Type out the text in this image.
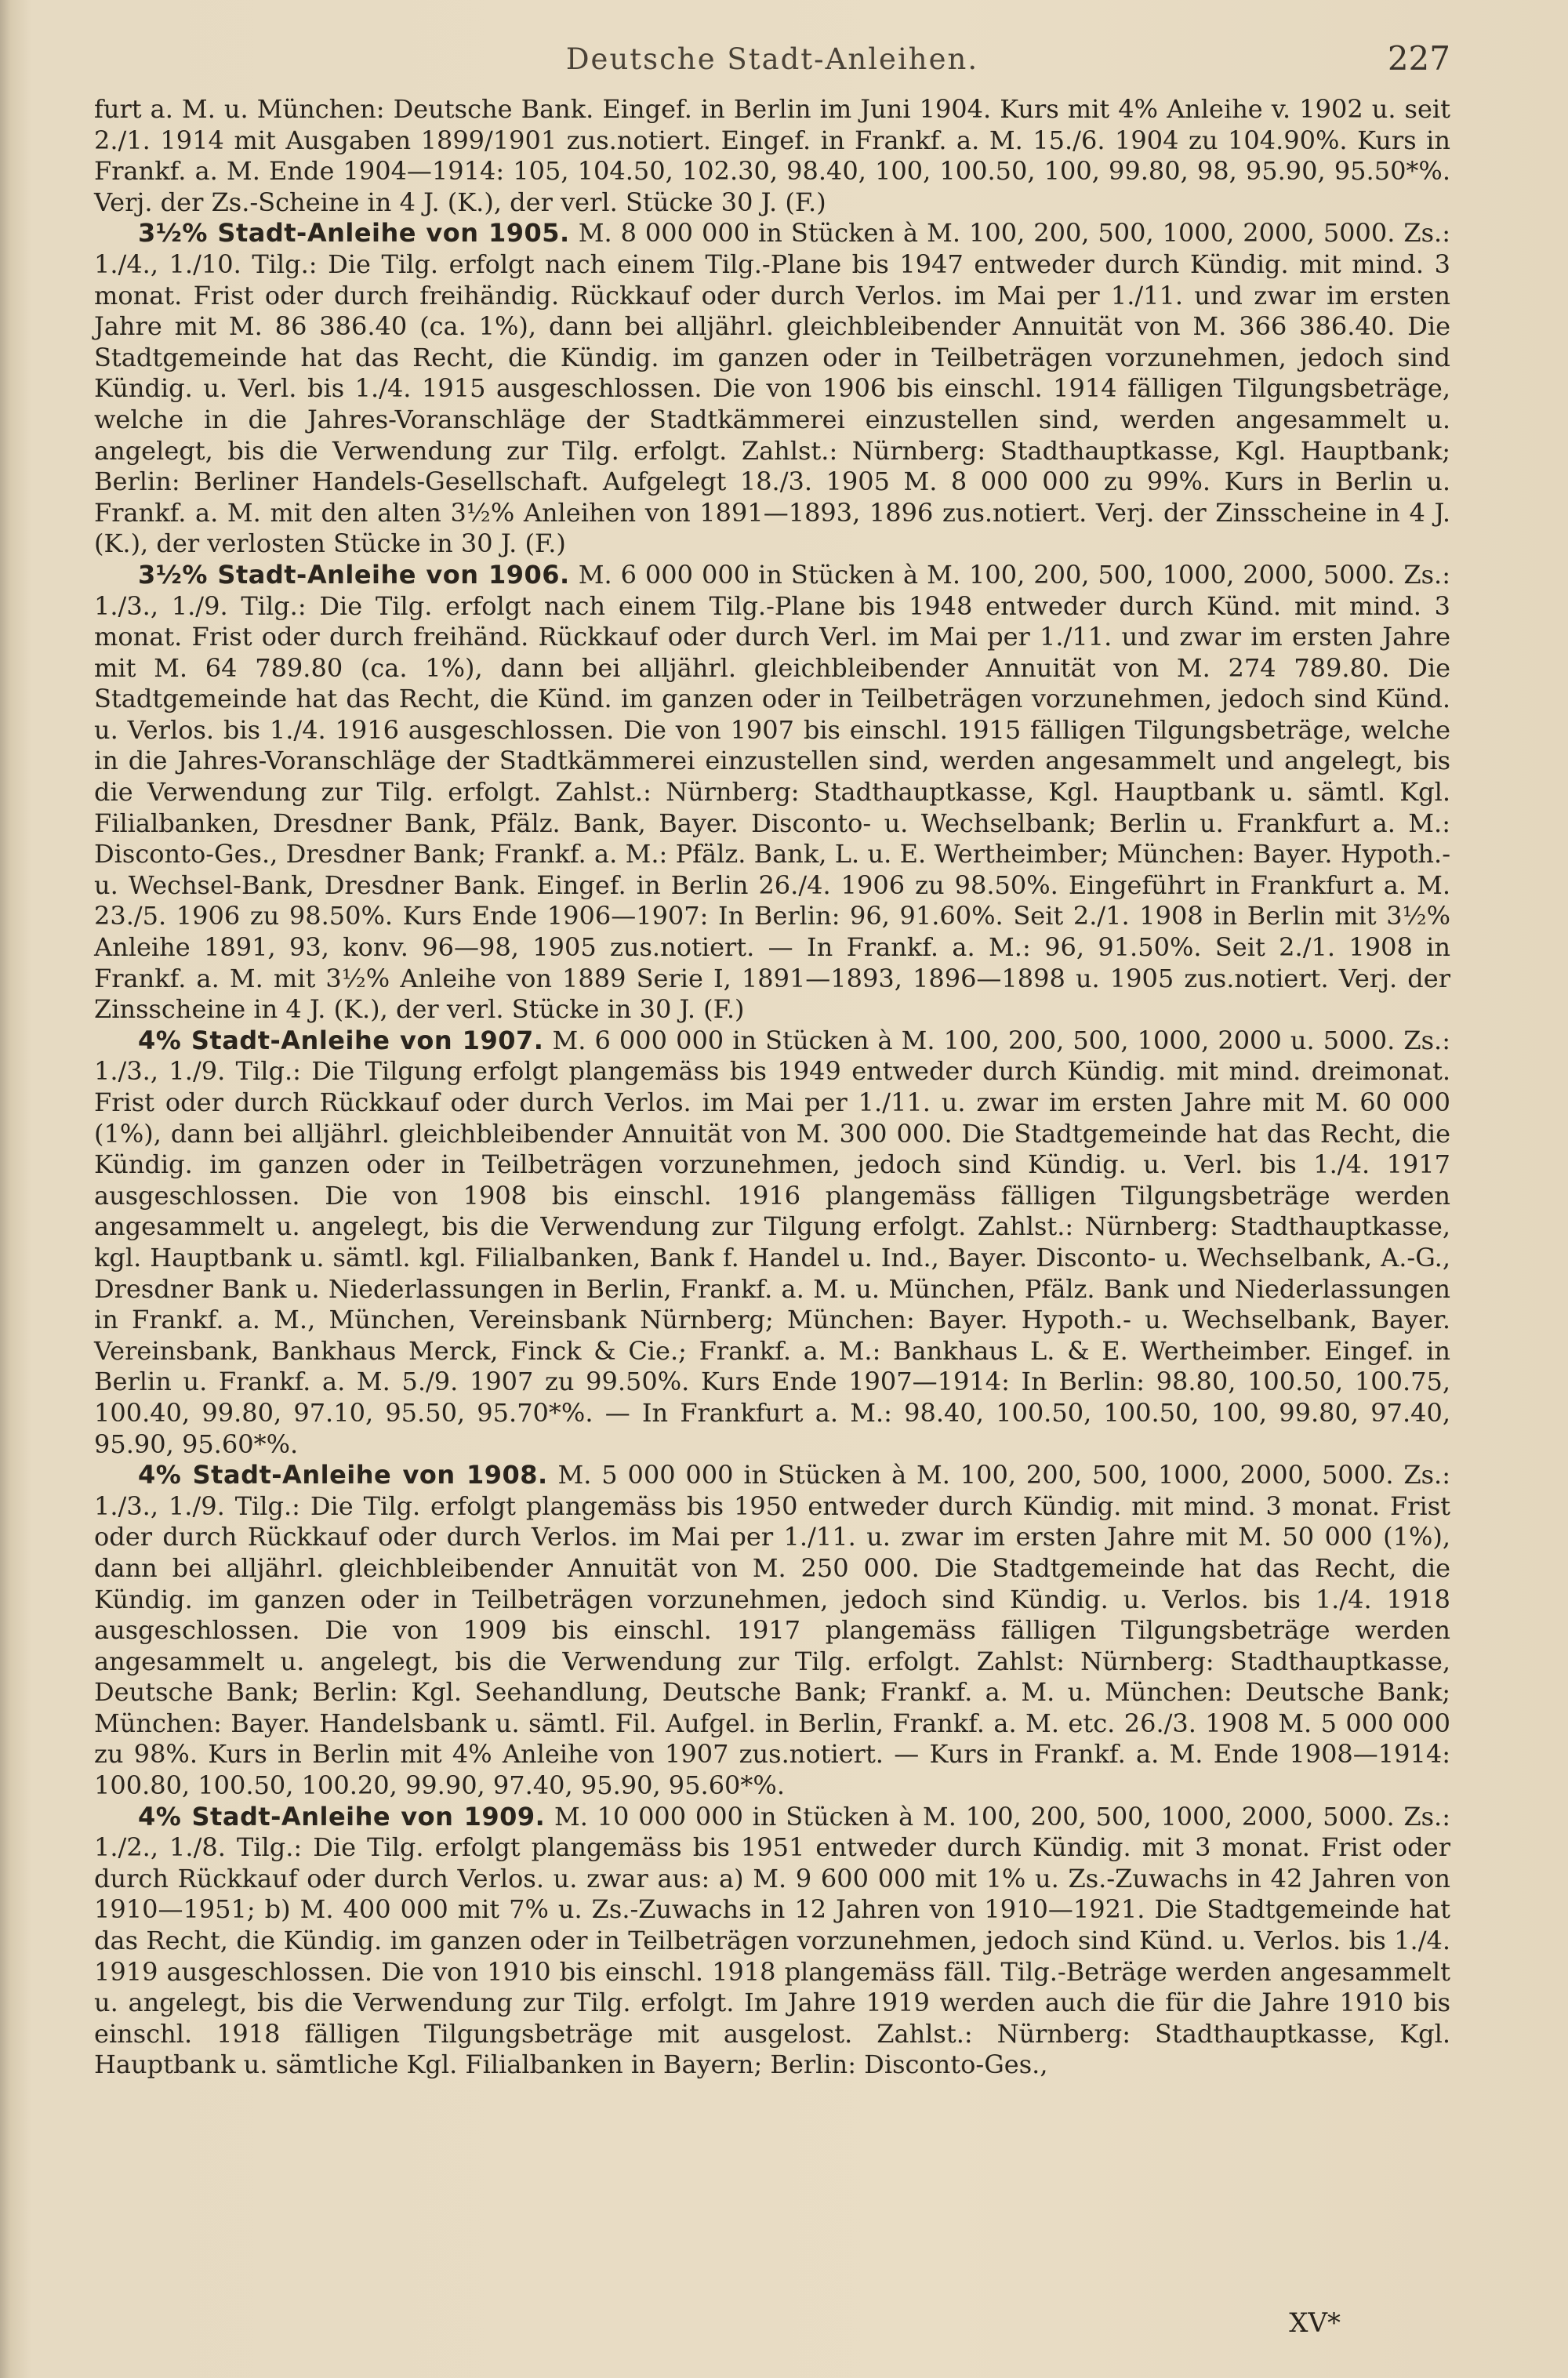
Deutsche Stadt-Anleihen.	227

furt a. M. u. München: Deutsche Bank. Eingef. in Berlin im Juni 1904. Kurs mit 4% Anleihe v. 1902 u. seit 2./1. 1914 mit Ausgaben 1899/1901 zus.notiert. Eingef. in Frankf. a. M. 15./6. 1904 zu 104.90%. Kurs in Frankf. a. M. Ende 1904—1914: 105, 104.50, 102.30, 98.40, 100, 100.50, 100, 99.80, 98, 95.90, 95.50*%. Verj. der Zs.-Scheine in 4 J. (K.), der verl. Stücke 30 J. (F.)

3½% Stadt-Anleihe von 1905. M. 8 000 000 in Stücken à M. 100, 200, 500, 1000, 2000, 5000. Zs.: 1./4., 1./10. Tilg.: Die Tilg. erfolgt nach einem Tilg.-Plane bis 1947 entweder durch Kündig. mit mind. 3 monat. Frist oder durch freihändig. Rückkauf oder durch Verlos. im Mai per 1./11. und zwar im ersten Jahre mit M. 86 386.40 (ca. 1%), dann bei alljährl. gleichbleibender Annuität von M. 366 386.40. Die Stadtgemeinde hat das Recht, die Kündig. im ganzen oder in Teilbeträgen vorzunehmen, jedoch sind Kündig. u. Verl. bis 1./4. 1915 ausgeschlossen. Die von 1906 bis einschl. 1914 fälligen Tilgungsbeträge, welche in die Jahres-Voranschläge der Stadtkämmerei einzustellen sind, werden angesammelt u. angelegt, bis die Verwendung zur Tilg. erfolgt. Zahlst.: Nürnberg: Stadthauptkasse, Kgl. Hauptbank; Berlin: Berliner Handels-Gesellschaft. Aufgelegt 18./3. 1905 M. 8 000 000 zu 99%. Kurs in Berlin u. Frankf. a. M. mit den alten 3½% Anleihen von 1891—1893, 1896 zus.notiert. Verj. der Zinsscheine in 4 J. (K.), der verlosten Stücke in 30 J. (F.)

3½% Stadt-Anleihe von 1906. M. 6 000 000 in Stücken à M. 100, 200, 500, 1000, 2000, 5000. Zs.: 1./3., 1./9. Tilg.: Die Tilg. erfolgt nach einem Tilg.-Plane bis 1948 entweder durch Künd. mit mind. 3 monat. Frist oder durch freihänd. Rückkauf oder durch Verl. im Mai per 1./11. und zwar im ersten Jahre mit M. 64 789.80 (ca. 1%), dann bei alljährl. gleichbleibender Annuität von M. 274 789.80. Die Stadtgemeinde hat das Recht, die Künd. im ganzen oder in Teilbeträgen vorzunehmen, jedoch sind Künd. u. Verlos. bis 1./4. 1916 ausgeschlossen. Die von 1907 bis einschl. 1915 fälligen Tilgungsbeträge, welche in die Jahres-Voranschläge der Stadtkämmerei einzustellen sind, werden angesammelt und angelegt, bis die Verwendung zur Tilg. erfolgt. Zahlst.: Nürnberg: Stadthauptkasse, Kgl. Hauptbank u. sämtl. Kgl. Filialbanken, Dresdner Bank, Pfälz. Bank, Bayer. Disconto- u. Wechselbank; Berlin u. Frankfurt a. M.: Disconto-Ges., Dresdner Bank; Frankf. a. M.: Pfälz. Bank, L. u. E. Wertheimber; München: Bayer. Hypoth.- u. Wechsel-Bank, Dresdner Bank. Eingef. in Berlin 26./4. 1906 zu 98.50%. Eingeführt in Frankfurt a. M. 23./5. 1906 zu 98.50%. Kurs Ende 1906—1907: In Berlin: 96, 91.60%. Seit 2./1. 1908 in Berlin mit 3½% Anleihe 1891, 93, konv. 96—98, 1905 zus.notiert. — In Frankf. a. M.: 96, 91.50%. Seit 2./1. 1908 in Frankf. a. M. mit 3½% Anleihe von 1889 Serie I, 1891—1893, 1896—1898 u. 1905 zus.notiert. Verj. der Zinsscheine in 4 J. (K.), der verl. Stücke in 30 J. (F.)

4% Stadt-Anleihe von 1907. M. 6 000 000 in Stücken à M. 100, 200, 500, 1000, 2000 u. 5000. Zs.: 1./3., 1./9. Tilg.: Die Tilgung erfolgt plangemäss bis 1949 entweder durch Kündig. mit mind. dreimonat. Frist oder durch Rückkauf oder durch Verlos. im Mai per 1./11. u. zwar im ersten Jahre mit M. 60 000 (1%), dann bei alljährl. gleichbleibender Annuität von M. 300 000. Die Stadtgemeinde hat das Recht, die Kündig. im ganzen oder in Teilbeträgen vorzunehmen, jedoch sind Kündig. u. Verl. bis 1./4. 1917 ausgeschlossen. Die von 1908 bis einschl. 1916 plangemäss fälligen Tilgungsbeträge werden angesammelt u. angelegt, bis die Verwendung zur Tilgung erfolgt. Zahlst.: Nürnberg: Stadthauptkasse, kgl. Hauptbank u. sämtl. kgl. Filialbanken, Bank f. Handel u. Ind., Bayer. Disconto- u. Wechselbank, A.-G., Dresdner Bank u. Niederlassungen in Berlin, Frankf. a. M. u. München, Pfälz. Bank und Niederlassungen in Frankf. a. M., München, Vereinsbank Nürnberg; München: Bayer. Hypoth.- u. Wechselbank, Bayer. Vereinsbank, Bankhaus Merck, Finck & Cie.; Frankf. a. M.: Bankhaus L. & E. Wertheimber. Eingef. in Berlin u. Frankf. a. M. 5./9. 1907 zu 99.50%. Kurs Ende 1907—1914: In Berlin: 98.80, 100.50, 100.75, 100.40, 99.80, 97.10, 95.50, 95.70*%. — In Frankfurt a. M.: 98.40, 100.50, 100.50, 100, 99.80, 97.40, 95.90, 95.60*%.

4% Stadt-Anleihe von 1908. M. 5 000 000 in Stücken à M. 100, 200, 500, 1000, 2000, 5000. Zs.: 1./3., 1./9. Tilg.: Die Tilg. erfolgt plangemäss bis 1950 entweder durch Kündig. mit mind. 3 monat. Frist oder durch Rückkauf oder durch Verlos. im Mai per 1./11. u. zwar im ersten Jahre mit M. 50 000 (1%), dann bei alljährl. gleichbleibender Annuität von M. 250 000. Die Stadtgemeinde hat das Recht, die Kündig. im ganzen oder in Teilbeträgen vorzunehmen, jedoch sind Kündig. u. Verlos. bis 1./4. 1918 ausgeschlossen. Die von 1909 bis einschl. 1917 plangemäss fälligen Tilgungsbeträge werden angesammelt u. angelegt, bis die Verwendung zur Tilg. erfolgt. Zahlst: Nürnberg: Stadthauptkasse, Deutsche Bank; Berlin: Kgl. Seehandlung, Deutsche Bank; Frankf. a. M. u. München: Deutsche Bank; München: Bayer. Handelsbank u. sämtl. Fil. Aufgel. in Berlin, Frankf. a. M. etc. 26./3. 1908 M. 5 000 000 zu 98%. Kurs in Berlin mit 4% Anleihe von 1907 zus.notiert. — Kurs in Frankf. a. M. Ende 1908—1914: 100.80, 100.50, 100.20, 99.90, 97.40, 95.90, 95.60*%.

4% Stadt-Anleihe von 1909. M. 10 000 000 in Stücken à M. 100, 200, 500, 1000, 2000, 5000. Zs.: 1./2., 1./8. Tilg.: Die Tilg. erfolgt plangemäss bis 1951 entweder durch Kündig. mit 3 monat. Frist oder durch Rückkauf oder durch Verlos. u. zwar aus: a) M. 9 600 000 mit 1% u. Zs.-Zuwachs in 42 Jahren von 1910—1951; b) M. 400 000 mit 7% u. Zs.-Zuwachs in 12 Jahren von 1910—1921. Die Stadtgemeinde hat das Recht, die Kündig. im ganzen oder in Teilbeträgen vorzunehmen, jedoch sind Künd. u. Verlos. bis 1./4. 1919 ausgeschlossen. Die von 1910 bis einschl. 1918 plangemäss fäll. Tilg.-Beträge werden angesammelt u. angelegt, bis die Verwendung zur Tilg. erfolgt. Im Jahre 1919 werden auch die für die Jahre 1910 bis einschl. 1918 fälligen Tilgungsbeträge mit ausgelost. Zahlst.: Nürnberg: Stadthauptkasse, Kgl. Hauptbank u. sämtliche Kgl. Filialbanken in Bayern; Berlin: Disconto-Ges.,

XV*
